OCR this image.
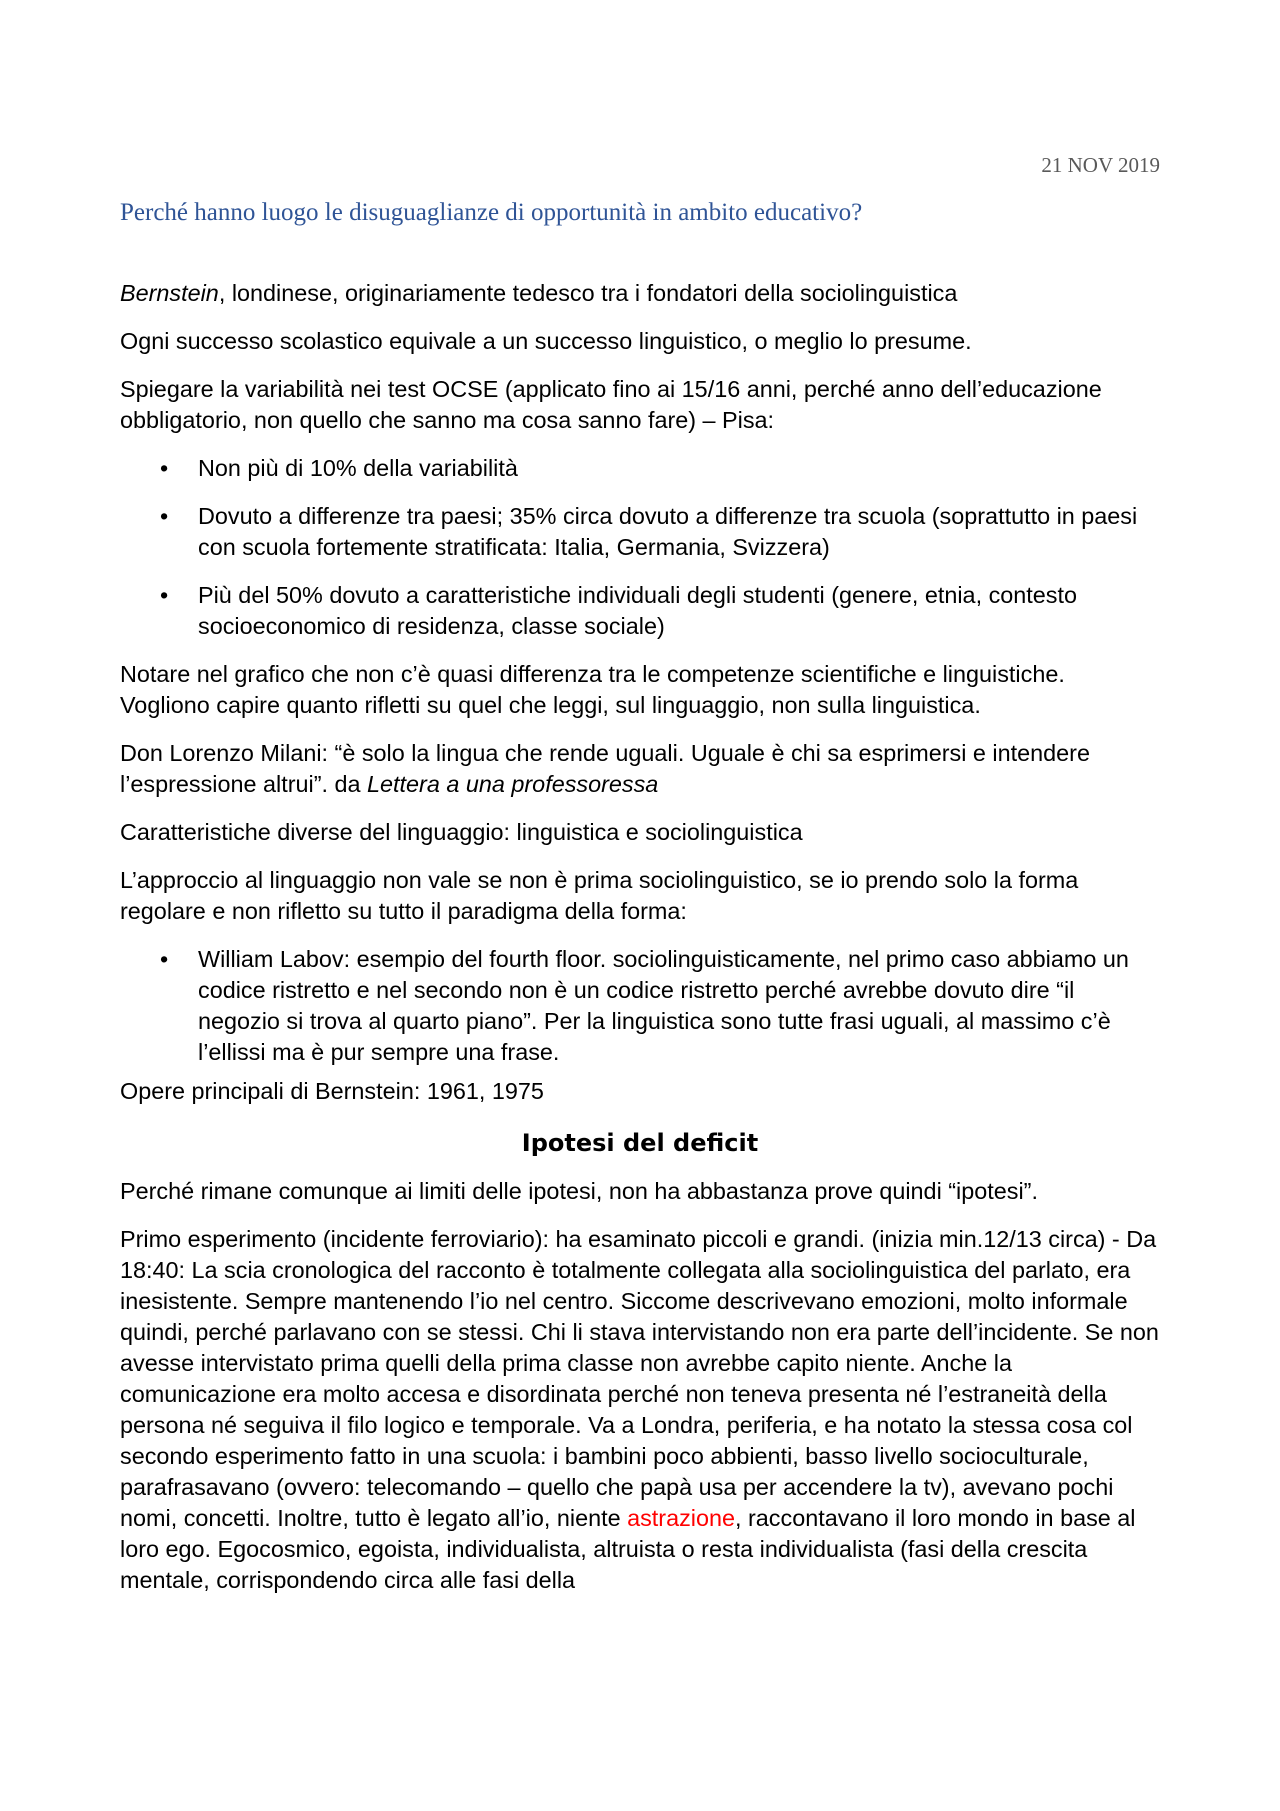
21 NOV 2019
Perché hanno luogo le disuguaglianze di opportunità in ambito educativo?

Bernstein, londinese, originariamente tedesco tra i fondatori della sociolinguistica

Ogni successo scolastico equivale a un successo linguistico, o meglio lo presume.

Spiegare la variabilità nei test OCSE (applicato fino ai 15/16 anni, perché anno dell’educazione obbligatorio, non quello che sanno ma cosa sanno fare) – Pisa:

• Non più di 10% della variabilità
• Dovuto a differenze tra paesi; 35% circa dovuto a differenze tra scuola (soprattutto in paesi con scuola fortemente stratificata: Italia, Germania, Svizzera)
• Più del 50% dovuto a caratteristiche individuali degli studenti (genere, etnia, contesto socioeconomico di residenza, classe sociale)

Notare nel grafico che non c’è quasi differenza tra le competenze scientifiche e linguistiche. Vogliono capire quanto rifletti su quel che leggi, sul linguaggio, non sulla linguistica.

Don Lorenzo Milani: “è solo la lingua che rende uguali. Uguale è chi sa esprimersi e intendere l’espressione altrui”. da Lettera a una professoressa

Caratteristiche diverse del linguaggio: linguistica e sociolinguistica

L’approccio al linguaggio non vale se non è prima sociolinguistico, se io prendo solo la forma regolare e non rifletto su tutto il paradigma della forma:

• William Labov: esempio del fourth floor. sociolinguisticamente, nel primo caso abbiamo un codice ristretto e nel secondo non è un codice ristretto perché avrebbe dovuto dire “il negozio si trova al quarto piano”. Per la linguistica sono tutte frasi uguali, al massimo c’è l’ellissi ma è pur sempre una frase.

Opere principali di Bernstein: 1961, 1975

Ipotesi del deficit

Perché rimane comunque ai limiti delle ipotesi, non ha abbastanza prove quindi “ipotesi”.

Primo esperimento (incidente ferroviario): ha esaminato piccoli e grandi. (inizia min.12/13 circa) - Da 18:40: La scia cronologica del racconto è totalmente collegata alla sociolinguistica del parlato, era inesistente. Sempre mantenendo l’io nel centro. Siccome descrivevano emozioni, molto informale quindi, perché parlavano con se stessi. Chi li stava intervistando non era parte dell’incidente. Se non avesse intervistato prima quelli della prima classe non avrebbe capito niente. Anche la comunicazione era molto accesa e disordinata perché non teneva presenta né l’estraneità della persona né seguiva il filo logico e temporale. Va a Londra, periferia, e ha notato la stessa cosa col secondo esperimento fatto in una scuola: i bambini poco abbienti, basso livello socioculturale, parafrasavano (ovvero: telecomando – quello che papà usa per accendere la tv), avevano pochi nomi, concetti. Inoltre, tutto è legato all’io, niente astrazione, raccontavano il loro mondo in base al loro ego. Egocosmico, egoista, individualista, altruista o resta individualista (fasi della crescita mentale, corrispondendo circa alle fasi della
